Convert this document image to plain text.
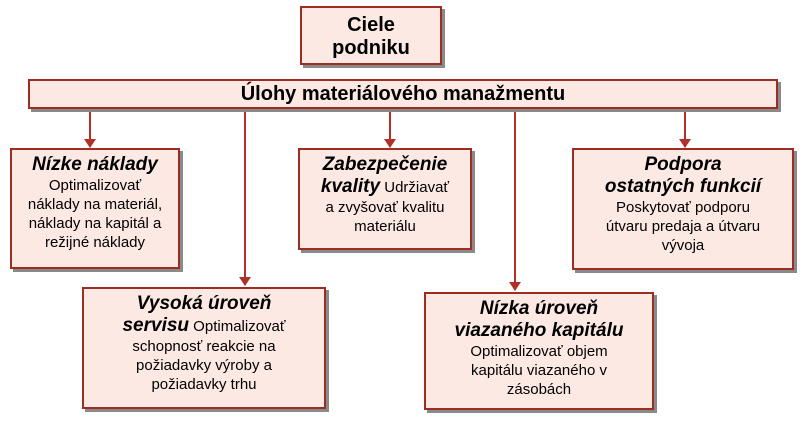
Ciele
podniku
Úlohy materiálového manažmentu
Nízke náklady
Optimalizovať
náklady na materiál,
náklady na kapitál a
režijné náklady
Zabezpečenie
kvality Udržiavať
a zvyšovať kvalitu
materiálu
Podpora
ostatných funkcií
Poskytovať podporu
útvaru predaja a útvaru
vývoja
Vysoká úroveň
servisu Optimalizovať
schopnosť reakcie na
požiadavky výroby a
požiadavky trhu
Nízka úroveň
viazaného kapitálu
Optimalizovať objem
kapitálu viazaného v
zásobách
